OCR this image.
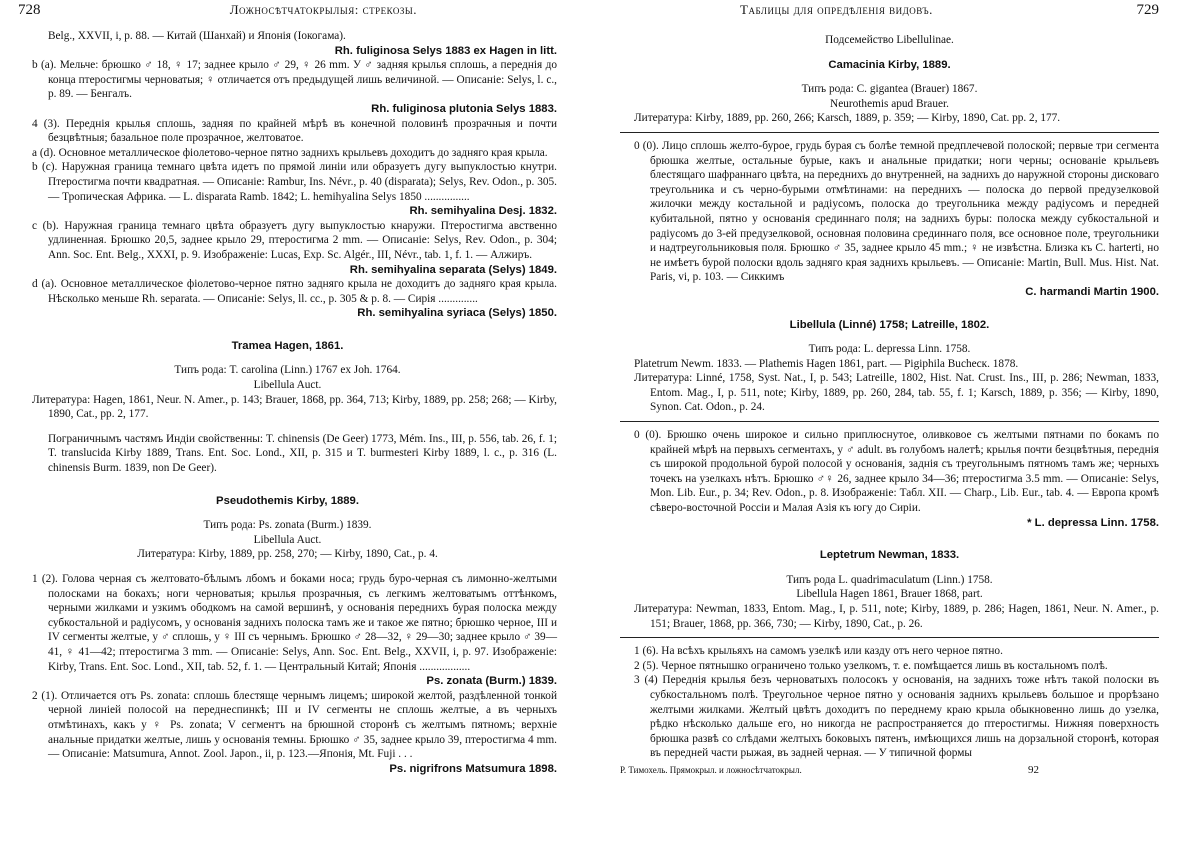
728	Ложносѣтчатокрылыя: стрекозы.
Belg., XXVII, i, p. 88. — Китай (Шанхай) и Японія (Іокогама).
Rh. fuliginosa Selys 1883 ex Hagen in litt.
b (a). Мельче: брюшко ♂ 18, ♀ 17; заднее крыло ♂ 29, ♀ 26 mm. У ♂ задняя крылья сплошь, а переднія до конца птеростигмы черноватыя; ♀ отличается отъ предыдущей лишь величиной. — Описаніе: Selys, l. c., p. 89. — Бенгалъ.
Rh. fuliginosa plutonia Selys 1883.
4 (3). Переднія крылья сплошь, задняя по крайней мѣрѣ въ конечной половинѣ прозрачныя и почти безцвѣтныя; базальное поле прозрачное, желтоватое.
a (d). Основное металлическое фіолетово-черное пятно заднихъ крыльевъ доходитъ до задняго края крыла.
b (c). Наружная граница темнаго цвѣта идетъ по прямой линіи или образуетъ дугу выпуклостью кнутри. Птеростигма почти квадратная. — Описаніе: Rambur, Ins. Névr., p. 40 (disparata); Selys, Rev. Odon., p. 305. — Тропическая Африка. — L. disparata Ramb. 1842; L. hemihyalina Selys 1850 ................
Rh. semihyalina Desj. 1832.
c (b). Наружная граница темнаго цвѣта образуетъ дугу выпуклостью кнаружи. Птеростигма авственно удлиненная. Брюшко 20,5, заднее крыло 29, птеростигма 2 mm. — Описаніе: Selys, Rev. Odon., p. 304; Ann. Soc. Ent. Belg., XXXI, p. 9. Изображеніе: Lucas, Exp. Sc. Algér., III, Névr., tab. 1, f. 1. — Алжиръ.
Rh. semihyalina separata (Selys) 1849.
d (a). Основное металлическое фіолетово-черное пятно задняго крыла не доходитъ до задняго края крыла. Нѣсколько меньше Rh. separata. — Описаніе: Selys, ll. cc., p. 305 & p. 8. — Сирія ..............
Rh. semihyalina syriaca (Selys) 1850.
Tramea Hagen, 1861.
Типъ рода: T. carolina (Linn.) 1767 ex Joh. 1764.
Libellula Auct.
Литература: Hagen, 1861, Neur. N. Amer., p. 143; Brauer, 1868, pp. 364, 713; Kirby, 1889, pp. 258; 268; — Kirby, 1890, Cat., pp. 2, 177.
Пограничнымъ частямъ Индіи свойственны: T. chinensis (De Geer) 1773, Mém. Ins., III, p. 556, tab. 26, f. 1; T. translucida Kirby 1889, Trans. Ent. Soc. Lond., XII, p. 315 и T. burmesteri Kirby 1889, l. c., p. 316 (L. chinensis Burm. 1839, non De Geer).
Pseudothemis Kirby, 1889.
Типъ рода: Ps. zonata (Burm.) 1839.
Libellula Auct.
Литература: Kirby, 1889, pp. 258, 270; — Kirby, 1890, Cat., p. 4.
1 (2). Голова черная съ желтовато-бѣлымъ лбомъ и боками носа; грудь буро-черная съ лимонно-желтыми полосками на бокахъ; ноги черноватыя; крылья прозрачныя, съ легкимъ желтоватымъ оттѣнкомъ, черными жилками и узкимъ ободкомъ на самой вершинѣ, у основанія переднихъ бурая полоска между субкостальной и радіусомъ, у основанія заднихъ полоска тамъ же и такое же пятно; брюшко черное, III и IV сегменты желтые, у ♂ сплошь, у ♀ III съ чернымъ. Брюшко ♂ 28—32, ♀ 29—30; заднее крыло ♂ 39—41, ♀ 41—42; птеростигма 3 mm. — Описаніе: Selys, Ann. Soc. Ent. Belg., XXVII, i, p. 97. Изображеніе: Kirby, Trans. Ent. Soc. Lond., XII, tab. 52, f. 1. — Центральный Китай; Японія ..................
Ps. zonata (Burm.) 1839.
2 (1). Отличается отъ Ps. zonata: сплошь блестяще чернымъ лицемъ; широкой желтой, раздѣленной тонкой черной линіей полосой на переднеспинкѣ; III и IV сегменты не сплошь желтые, а въ черныхъ отмѣтинахъ, какъ у ♀ Ps. zonata; V сегментъ на брюшной сторонѣ съ желтымъ пятномъ; верхніе анальные придатки желтые, лишь у основанія темны. Брюшко ♂ 35, заднее крыло 39, птеростигма 4 mm. — Описаніе: Matsumura, Annot. Zool. Japon., ii, p. 123.—Японія, Mt. Fuji . . .
Ps. nigrifrons Matsumura 1898.
Таблицы для опредѣленія видовъ.	729
Подсемейство Libellulinae.
Camacinia Kirby, 1889.
Типъ рода: C. gigantea (Brauer) 1867.
Neurothemis apud Brauer.
Литература: Kirby, 1889, pp. 260, 266; Karsch, 1889, p. 359; — Kirby, 1890, Cat. pp. 2, 177.
0 (0). Лицо сплошь желто-бурое, грудь бурая съ болѣе темной предплечевой полоской; первые три сегмента брюшка желтые, остальные бурые, какъ и анальные придатки; ноги черны; основаніе крыльевъ блестящаго шафраннаго цвѣта, на переднихъ до внутренней, на заднихъ до наружной стороны дисковаго треугольника и съ черно-бурыми отмѣтинами: на переднихъ — полоска до первой предузелковой жилочки между костальной и радіусомъ, полоска до треугольника между радіусомъ и передней кубитальной, пятно у основанія срединнаго поля; на заднихъ буры: полоска между субкостальной и радіусомъ до 3-ей предузелковой, основная половина срединнаго поля, все основное поле, треугольники и надтреугольниковыя поля. Брюшко ♂ 35, заднее крыло 45 mm.; ♀ не извѣстна. Близка къ C. harterti, но не имѣетъ бурой полоски вдоль задняго края заднихъ крыльевъ. — Описаніе: Martin, Bull. Mus. Hist. Nat. Paris, vi, p. 103. — Сиккимъ
C. harmandi Martin 1900.
Libellula (Linné) 1758; Latreille, 1802.
Типъ рода: L. depressa Linn. 1758.
Platetrum Newm. 1833. — Plathemis Hagen 1861, part. — Pigiphila Buchecк. 1878.
Литература: Linné, 1758, Syst. Nat., I, p. 543; Latreille, 1802, Hist. Nat. Crust. Ins., III, p. 286; Newman, 1833, Entom. Mag., I, p. 511, note; Kirby, 1889, pp. 260, 284, tab. 55, f. 1; Karsch, 1889, p. 356; — Kirby, 1890, Synon. Cat. Odon., p. 24.
0 (0). Брюшко очень широкое и сильно приплюснутое, оливковое съ желтыми пятнами по бокамъ по крайней мѣрѣ на первыхъ сегментахъ, у ♂ adult. въ голубомъ налетѣ; крылья почти безцвѣтныя, переднія съ широкой продольной бурой полосой у основанія, заднія съ треугольнымъ пятномъ тамъ же; черныхъ точекъ на узелкахъ нѣтъ. Брюшко ♂♀ 26, заднее крыло 34—36; птеростигма 3.5 mm. — Описаніе: Selys, Mon. Lib. Eur., p. 34; Rev. Odon., p. 8. Изображеніе: Табл. XII. — Charp., Lib. Eur., tab. 4. — Европа кромѣ сѣверо-восточной Россіи и Малая Азія къ югу до Сиріи.
* L. depressa Linn. 1758.
Leptetrum Newman, 1833.
Типъ рода L. quadrimaculatum (Linn.) 1758.
Libellula Hagen 1861, Brauer 1868, part.
Литература: Newman, 1833, Entom. Mag., I, p. 511, note; Kirby, 1889, p. 286; Hagen, 1861, Neur. N. Amer., p. 151; Brauer, 1868, pp. 366, 730; — Kirby, 1890, Cat., p. 26.
1 (6). На всѣхъ крыльяхъ на самомъ узелкѣ или казду отъ него черное пятно.
2 (5). Черное пятнышко ограничено только узелкомъ, т. е. помѣщается лишь въ костальномъ полѣ.
3 (4) Переднія крылья безъ черноватыхъ полосокъ у основанія, на заднихъ тоже нѣтъ такой полоски въ субкостальномъ полѣ. Треугольное черное пятно у основанія заднихъ крыльевъ большое и прорѣзано желтыми жилками. Желтый цвѣтъ доходитъ по переднему краю крыла обыкновенно лишь до узелка, рѣдко нѣсколько дальше его, но никогда не распространяется до птеростигмы. Нижняя поверхность брюшка развѣ со слѣдами желтыхъ боковыхъ пятенъ, имѣющихся лишь на дорзальной сторонѣ, которая въ передней части рыжая, въ задней черная. — У типичной формы
Р. Тимохель. Прямокрыл. и ложносѣтчатокрыл.	92
